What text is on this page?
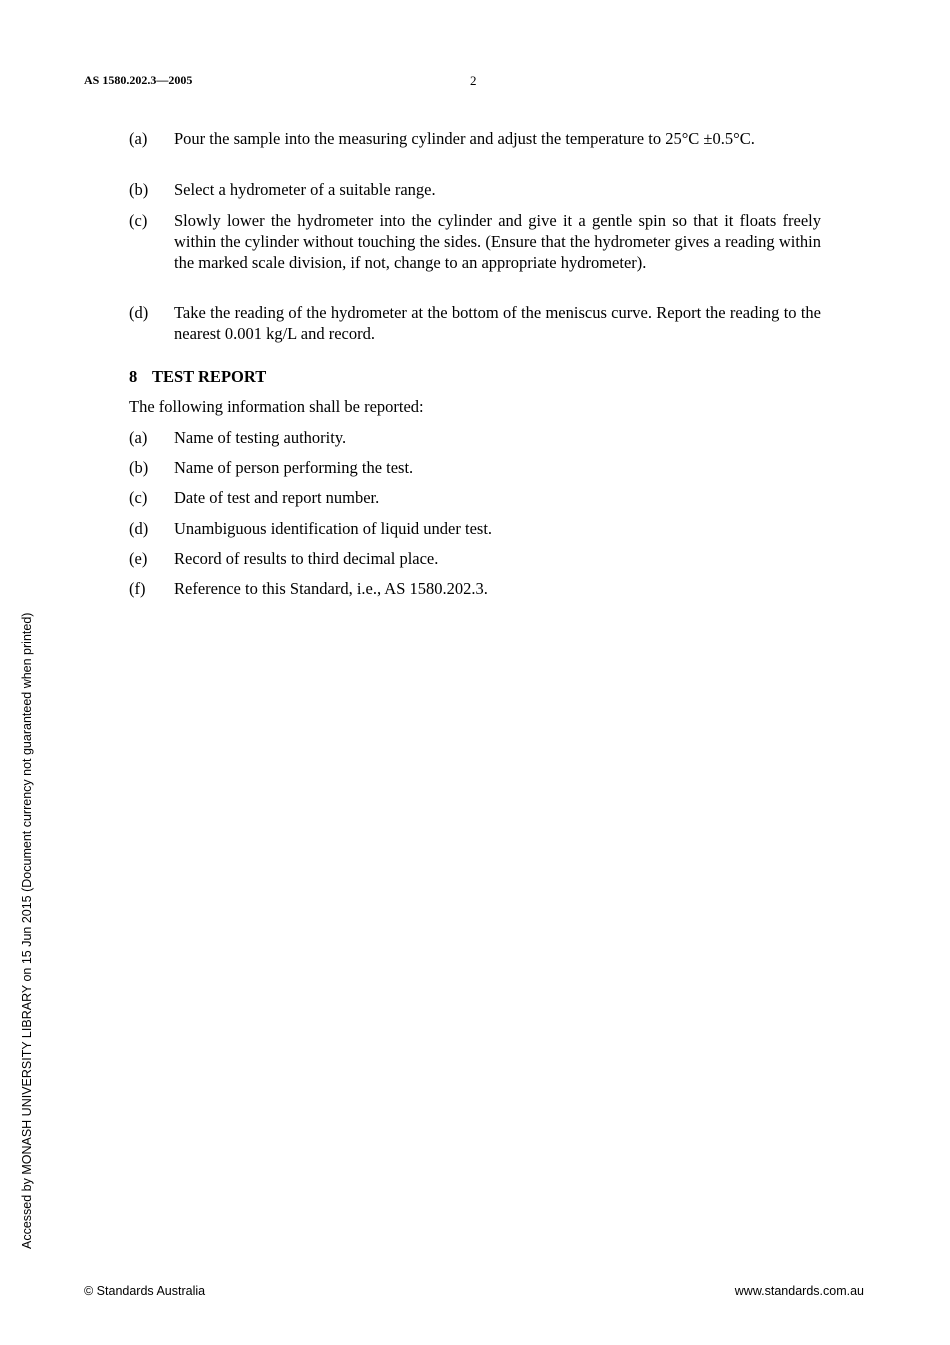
AS 1580.202.3—2005	2
(a) Pour the sample into the measuring cylinder and adjust the temperature to 25°C ±0.5°C.
(b) Select a hydrometer of a suitable range.
(c) Slowly lower the hydrometer into the cylinder and give it a gentle spin so that it floats freely within the cylinder without touching the sides. (Ensure that the hydrometer gives a reading within the marked scale division, if not, change to an appropriate hydrometer).
(d) Take the reading of the hydrometer at the bottom of the meniscus curve. Report the reading to the nearest 0.001 kg/L and record.
8 TEST REPORT
The following information shall be reported:
(a) Name of testing authority.
(b) Name of person performing the test.
(c) Date of test and report number.
(d) Unambiguous identification of liquid under test.
(e) Record of results to third decimal place.
(f) Reference to this Standard, i.e., AS 1580.202.3.
Accessed by MONASH UNIVERSITY LIBRARY on 15 Jun 2015 (Document currency not guaranteed when printed)
© Standards Australia	www.standards.com.au
